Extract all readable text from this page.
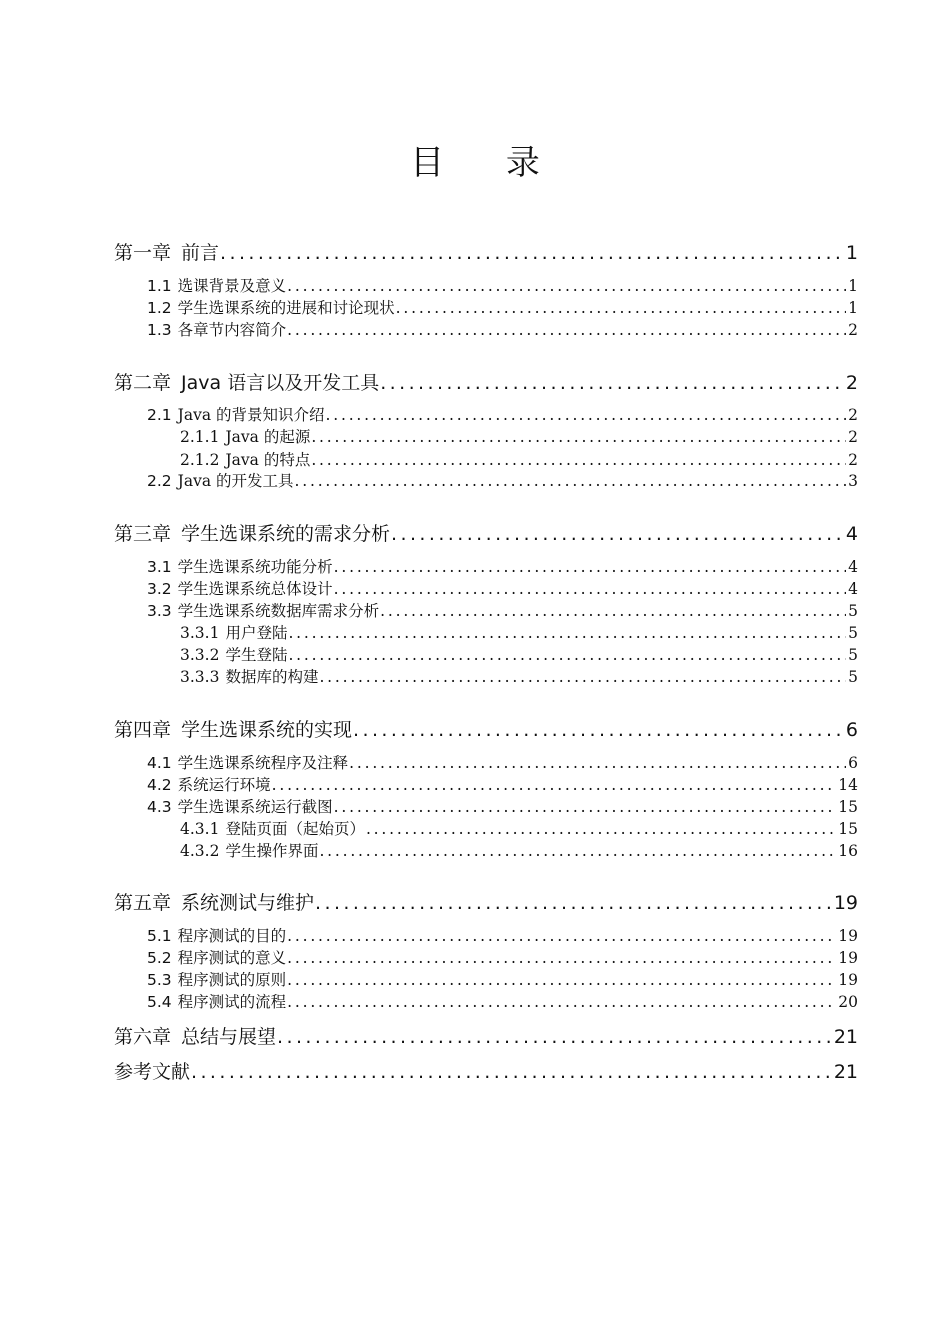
目 录
第一章 前言 .....	1
1.1 选课背景及意义 .....	1
1.2 学生选课系统的进展和讨论现状 .....	1
1.3 各章节内容简介 .....	2
第二章 Java 语言以及开发工具 .....	2
2.1 Java 的背景知识介绍 .....	2
2.1.1 Java 的起源 .....	2
2.1.2 Java 的特点 .....	2
2.2 Java 的开发工具 .....	3
第三章 学生选课系统的需求分析 .....	4
3.1 学生选课系统功能分析 .....	4
3.2 学生选课系统总体设计 .....	4
3.3 学生选课系统数据库需求分析 .....	5
3.3.1 用户登陆 .....	5
3.3.2 学生登陆 .....	5
3.3.3 数据库的构建 .....	5
第四章 学生选课系统的实现 .....	6
4.1 学生选课系统程序及注释 .....	6
4.2 系统运行环境 .....	14
4.3 学生选课系统运行截图 .....	15
4.3.1 登陆页面（起始页） .....	15
4.3.2 学生操作界面 .....	16
第五章 系统测试与维护 .....	19
5.1 程序测试的目的 .....	19
5.2 程序测试的意义 .....	19
5.3 程序测试的原则 .....	19
5.4 程序测试的流程 .....	20
第六章 总结与展望 .....	21
参考文献 .....	21
